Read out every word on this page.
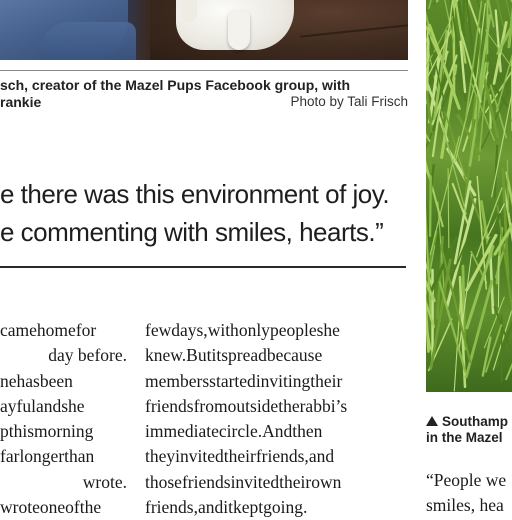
sch, creator of the Mazel Pups Facebook group, with
rankie	Photo by Tali Frisch
e there was this environment of joy.
e commenting with smiles, hearts.”
camehomefor
day before.
nehasbeen
ayfulandshe
pthismorning
farlongerthan
wrote.
wroteoneofthe
fewdays,withonlypeopleshe
knew.Butitspreadbecause
membersstartedinvitingtheir
friendsfromoutsidetherabbi’s
immediatecircle.Andthen
theyinvitedtheirfriends,and
thosefriendsinvitedtheirown
friends,anditkeptgoing.
Southamp
in the Mazel
“People we
smiles, hea
